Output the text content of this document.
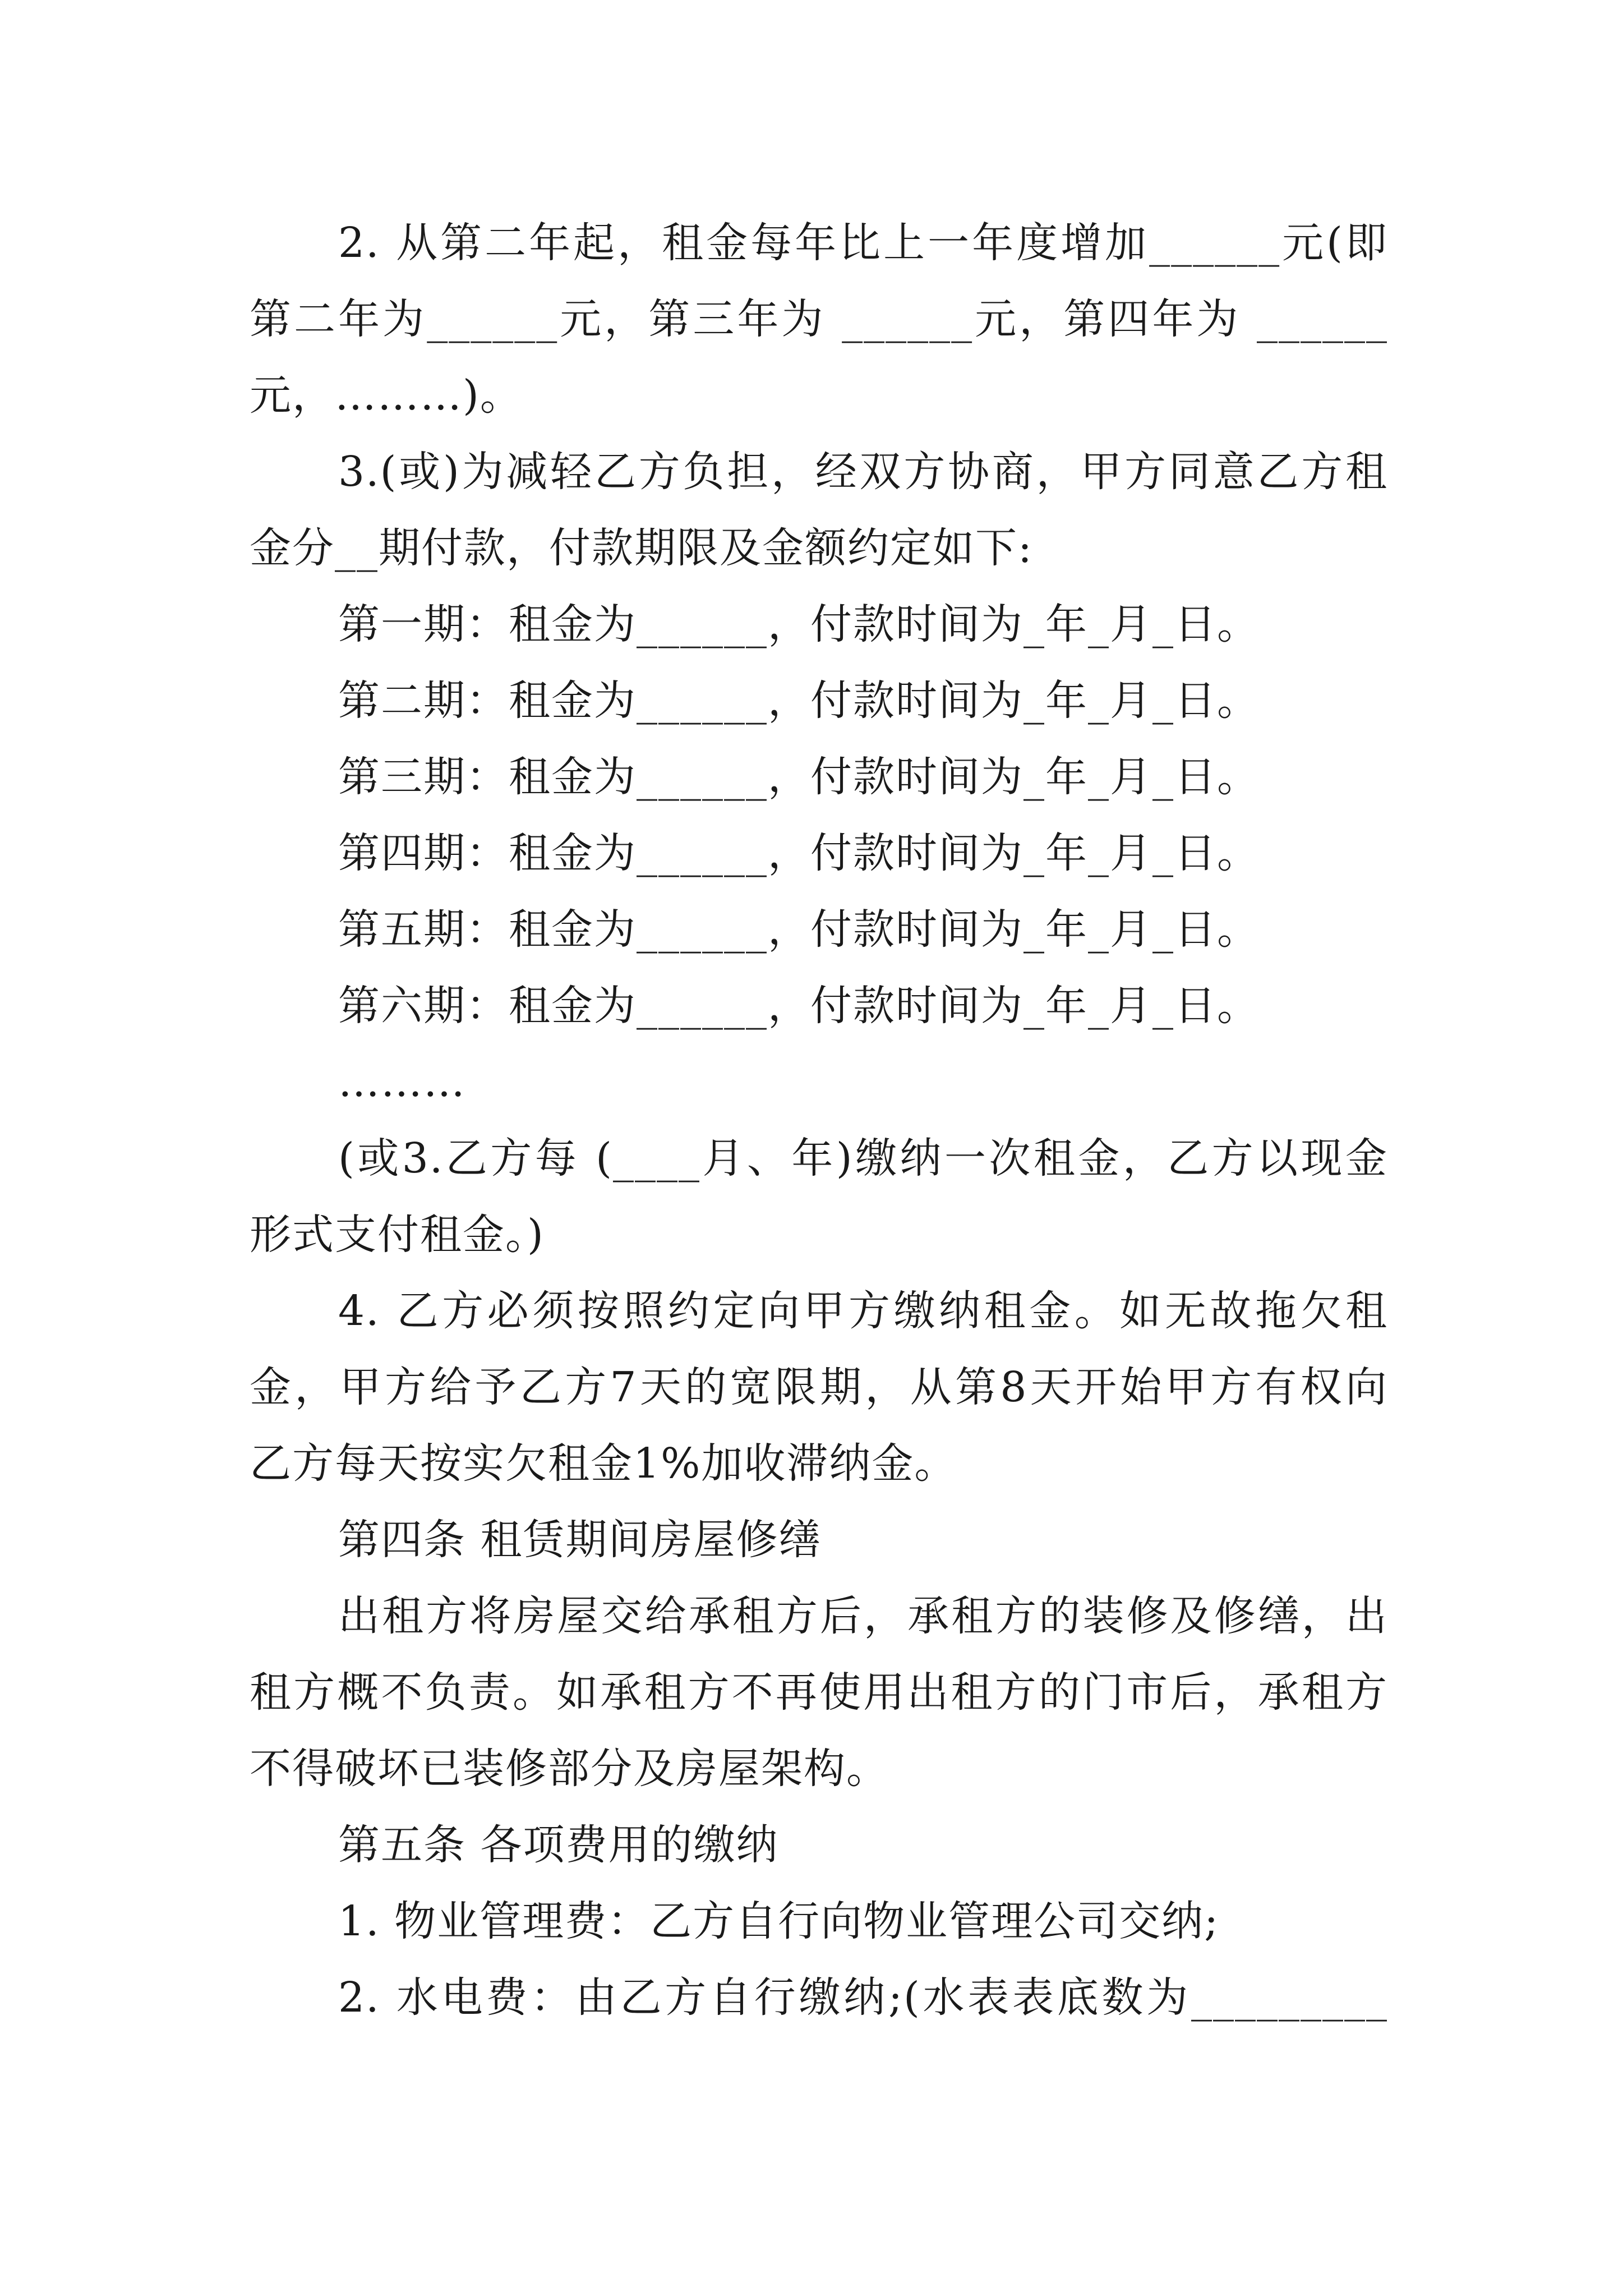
2. 从第二年起，租金每年比上一年度增加______元(即
第二年为______元，第三年为 ______元，第四年为 ______
元，………)。
3.(或)为减轻乙方负担，经双方协商，甲方同意乙方租
金分__期付款，付款期限及金额约定如下:
第一期：租金为______，付款时间为_年_月_日。
第二期：租金为______，付款时间为_年_月_日。
第三期：租金为______，付款时间为_年_月_日。
第四期：租金为______，付款时间为_年_月_日。
第五期：租金为______，付款时间为_年_月_日。
第六期：租金为______，付款时间为_年_月_日。
………
(或3.乙方每 (____月、年)缴纳一次租金，乙方以现金
形式支付租金。)
4. 乙方必须按照约定向甲方缴纳租金。如无故拖欠租
金，甲方给予乙方7天的宽限期，从第8天开始甲方有权向
乙方每天按实欠租金1%加收滞纳金。
第四条 租赁期间房屋修缮
出租方将房屋交给承租方后，承租方的装修及修缮，出
租方概不负责。如承租方不再使用出租方的门市后，承租方
不得破坏已装修部分及房屋架构。
第五条 各项费用的缴纳
1. 物业管理费：乙方自行向物业管理公司交纳;
2. 水电费：由乙方自行缴纳;(水表表底数为_________
